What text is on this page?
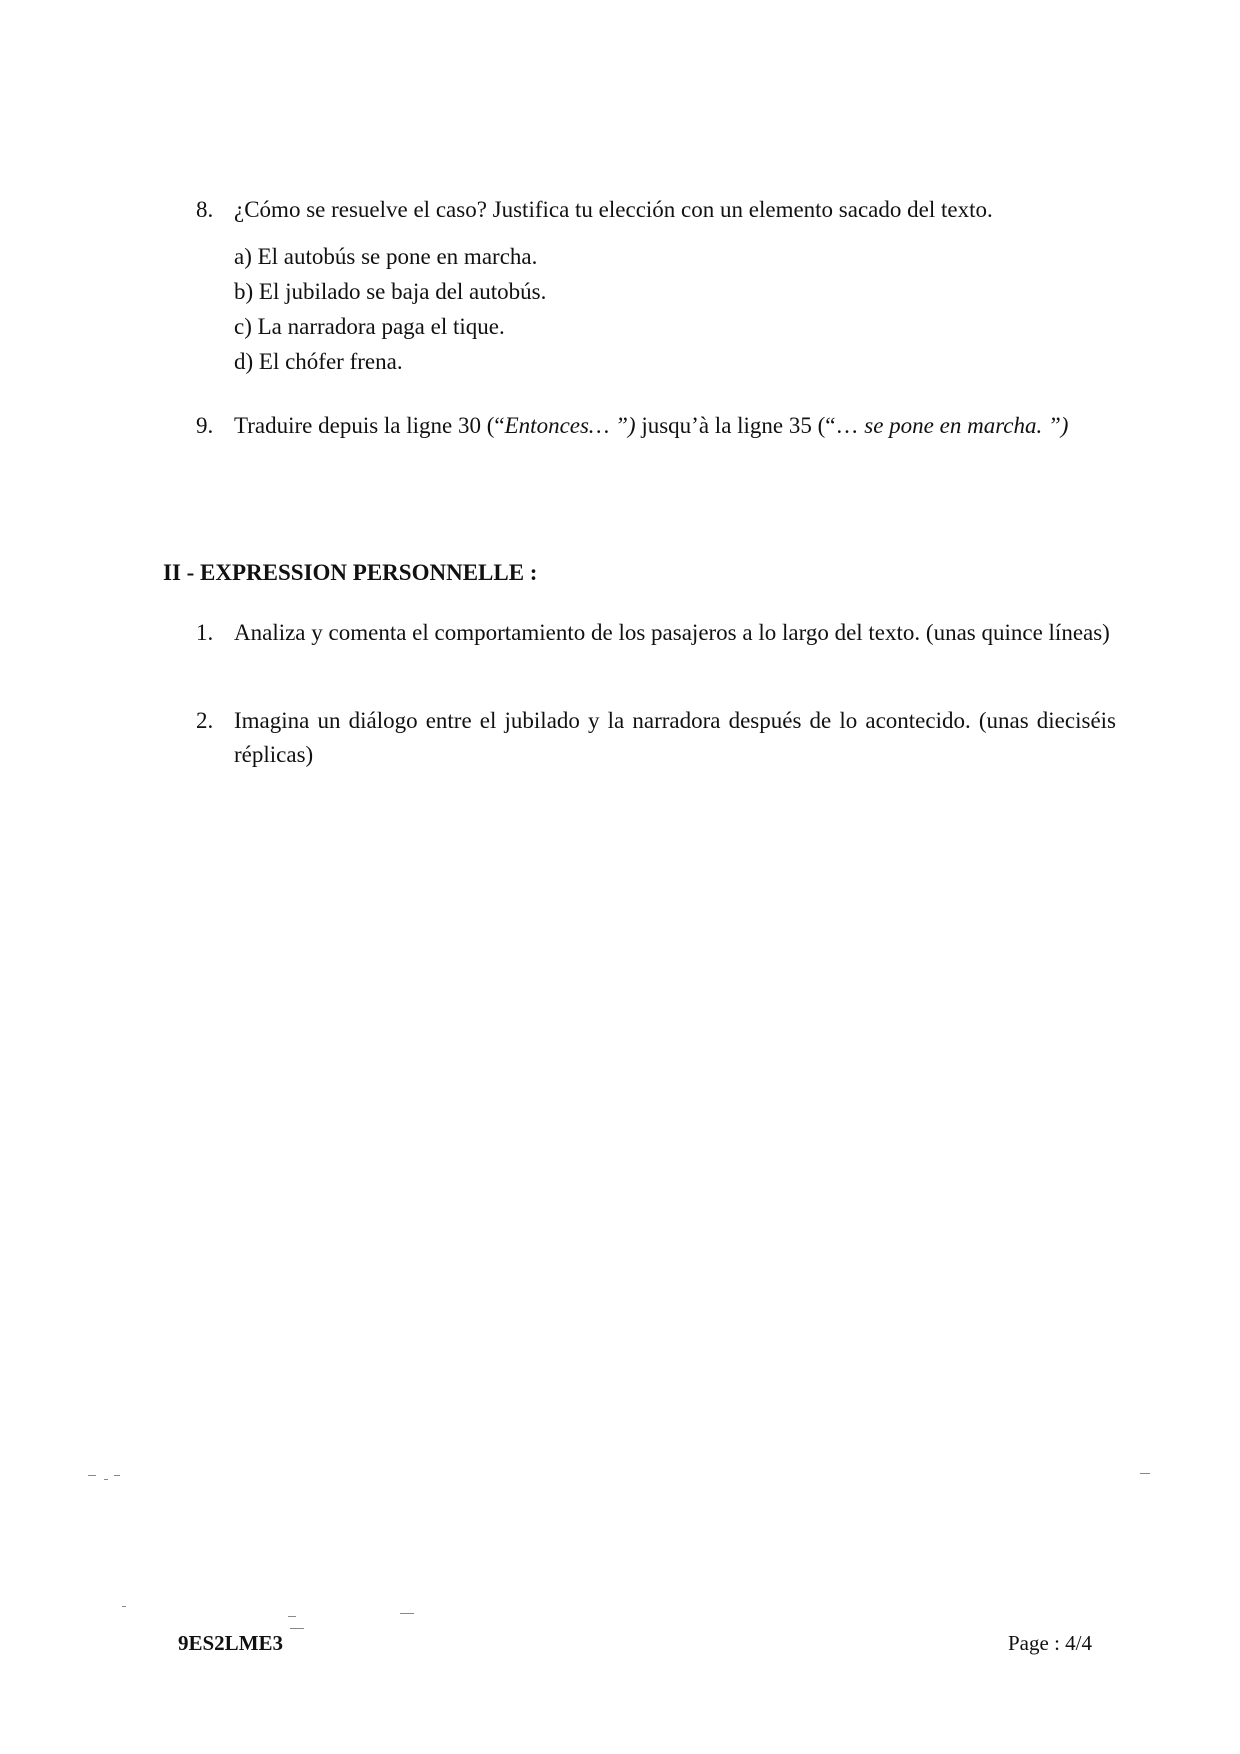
8. ¿Cómo se resuelve el caso? Justifica tu elección con un elemento sacado del texto.
a) El autobús se pone en marcha.
b) El jubilado se baja del autobús.
c) La narradora paga el tique.
d) El chófer frena.
9. Traduire depuis la ligne 30 (“Entonces… ”) jusqu’à la ligne 35 (“… se pone en marcha. ”)
II - EXPRESSION PERSONNELLE :
1. Analiza y comenta el comportamiento de los pasajeros a lo largo del texto. (unas quince líneas)
2. Imagina un diálogo entre el jubilado y la narradora después de lo acontecido. (unas dieciséis réplicas)
9ES2LME3	Page : 4/4
